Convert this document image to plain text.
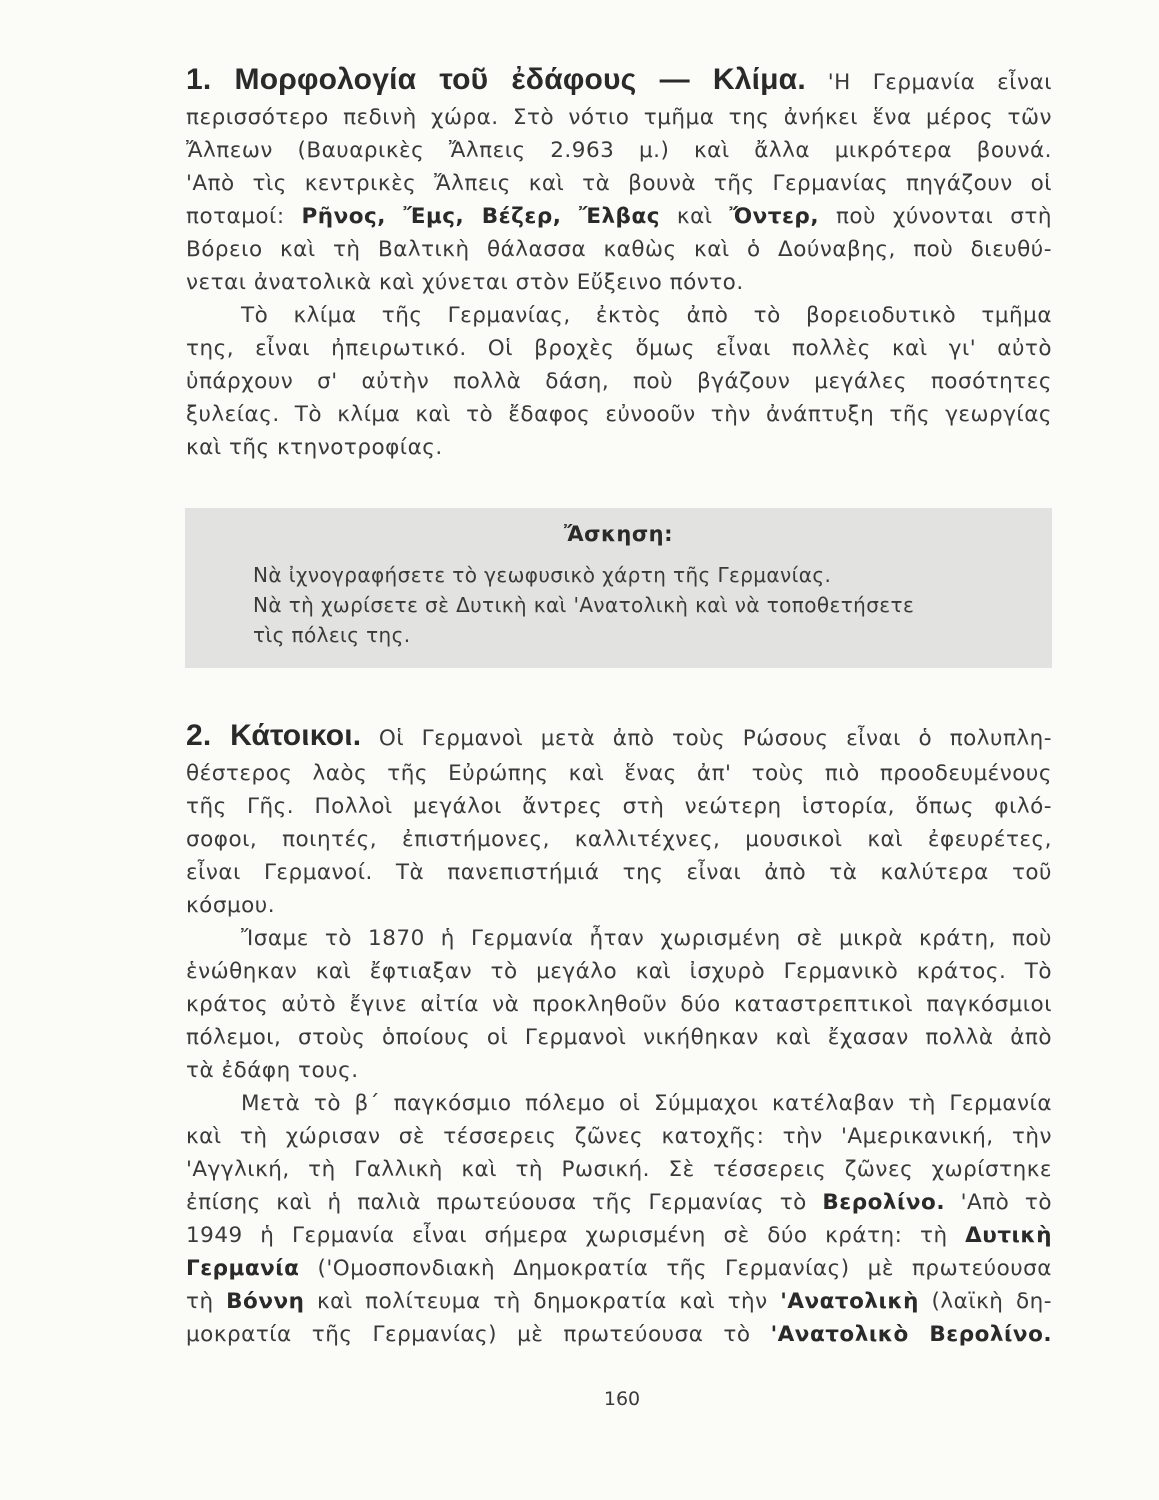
1. Μορφολογία τοῦ ἐδάφους — Κλίμα. 'Η Γερμανία εἶναι
περισσότερο πεδινὴ χώρα. Στὸ νότιο τμῆμα της ἀνήκει ἕνα μέρος τῶν
Ἄλπεων (Βαυαρικὲς Ἄλπεις 2.963 μ.) καὶ ἄλλα μικρότερα βουνά.
'Απὸ τὶς κεντρικὲς Ἄλπεις καὶ τὰ βουνὰ τῆς Γερμανίας πηγάζουν οἱ
ποταμοί: Ρῆνος, Ἔμς, Βέζερ, Ἔλβας καὶ Ὄντερ, ποὺ χύνονται στὴ
Βόρειο καὶ τὴ Βαλτικὴ θάλασσα καθὼς καὶ ὁ Δούναβης, ποὺ διευθύ-
νεται ἀνατολικὰ καὶ χύνεται στὸν Εὔξεινο πόντο.
Τὸ κλίμα τῆς Γερμανίας, ἐκτὸς ἀπὸ τὸ βορειοδυτικὸ τμῆμα
της, εἶναι ἠπειρωτικό. Οἱ βροχὲς ὅμως εἶναι πολλὲς καὶ γι' αὐτὸ
ὑπάρχουν σ' αὐτὴν πολλὰ δάση, ποὺ βγάζουν μεγάλες ποσότητες
ξυλείας. Τὸ κλίμα καὶ τὸ ἔδαφος εὐνοοῦν τὴν ἀνάπτυξη τῆς γεωργίας
καὶ τῆς κτηνοτροφίας.
Ἄσκηση:
Νὰ ἰχνογραφήσετε τὸ γεωφυσικὸ χάρτη τῆς Γερμανίας.
Νὰ τὴ χωρίσετε σὲ Δυτικὴ καὶ 'Ανατολικὴ καὶ νὰ τοποθετήσετε
τὶς πόλεις της.
2. Κάτοικοι. Οἱ Γερμανοὶ μετὰ ἀπὸ τοὺς Ρώσους εἶναι ὁ πολυπλη-
θέστερος λαὸς τῆς Εὐρώπης καὶ ἕνας ἀπ' τοὺς πιὸ προοδευμένους
τῆς Γῆς. Πολλοὶ μεγάλοι ἄντρες στὴ νεώτερη ἱστορία, ὅπως φιλό-
σοφοι, ποιητές, ἐπιστήμονες, καλλιτέχνες, μουσικοὶ καὶ ἐφευρέτες,
εἶναι Γερμανοί. Τὰ πανεπιστήμιά της εἶναι ἀπὸ τὰ καλύτερα τοῦ
κόσμου.
Ἴσαμε τὸ 1870 ἡ Γερμανία ἦταν χωρισμένη σὲ μικρὰ κράτη, ποὺ
ἑνώθηκαν καὶ ἔφτιαξαν τὸ μεγάλο καὶ ἰσχυρὸ Γερμανικὸ κράτος. Τὸ
κράτος αὐτὸ ἔγινε αἰτία νὰ προκληθοῦν δύο καταστρεπτικοὶ παγκόσμιοι
πόλεμοι, στοὺς ὁποίους οἱ Γερμανοὶ νικήθηκαν καὶ ἔχασαν πολλὰ ἀπὸ
τὰ ἐδάφη τους.
Μετὰ τὸ β΄ παγκόσμιο πόλεμο οἱ Σύμμαχοι κατέλαβαν τὴ Γερμανία
καὶ τὴ χώρισαν σὲ τέσσερεις ζῶνες κατοχῆς: τὴν 'Αμερικανική, τὴν
'Αγγλική, τὴ Γαλλικὴ καὶ τὴ Ρωσική. Σὲ τέσσερεις ζῶνες χωρίστηκε
ἐπίσης καὶ ἡ παλιὰ πρωτεύουσα τῆς Γερμανίας τὸ Βερολίνο. 'Απὸ τὸ
1949 ἡ Γερμανία εἶναι σήμερα χωρισμένη σὲ δύο κράτη: τὴ Δυτικὴ
Γερμανία ('Ομοσπονδιακὴ Δημοκρατία τῆς Γερμανίας) μὲ πρωτεύουσα
τὴ Βόννη καὶ πολίτευμα τὴ δημοκρατία καὶ τὴν 'Ανατολικὴ (λαϊκὴ δη-
μοκρατία τῆς Γερμανίας) μὲ πρωτεύουσα τὸ 'Ανατολικὸ Βερολίνο.
160
